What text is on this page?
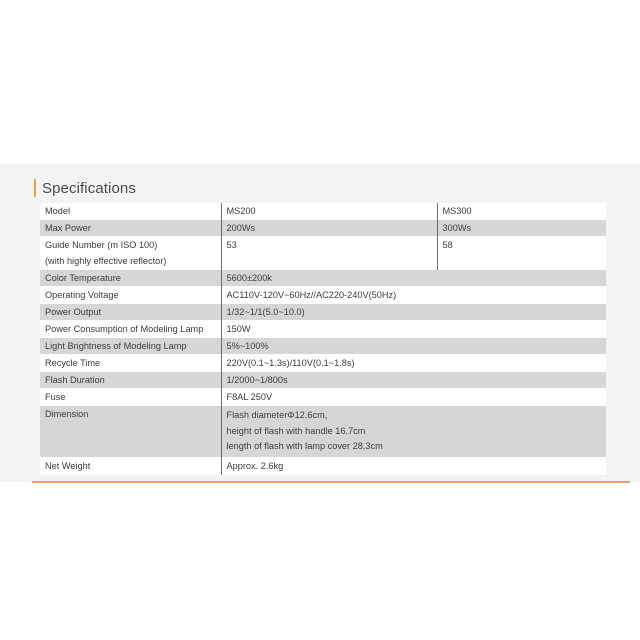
Specifications
Model	MS200	MS300
Max Power	200Ws	300Ws

Guide Number (m ISO 100)
(with highly effective reflector)	53	58
Color Temperature	5600±200k	
Operating Voltage	AC110V-120V~60Hz//AC220-240V(50Hz)	
Power Output	1/32~1/1(5.0~10.0)	
Power Consumption of Modeling Lamp	150W	
Light Brightness of Modeling Lamp	5%~100%	
Recycle Time	220V(0.1~1.3s)/110V(0.1~1.8s)	
Flash Duration	1/2000~1/800s	
Fuse	F8AL 250V	
Dimension	Flash diameterΦ12.6cm,
height of flash with handle 16.7cm
length of flash with lamp cover 28.3cm	

Net Weight	Approx. 2.6kg	
